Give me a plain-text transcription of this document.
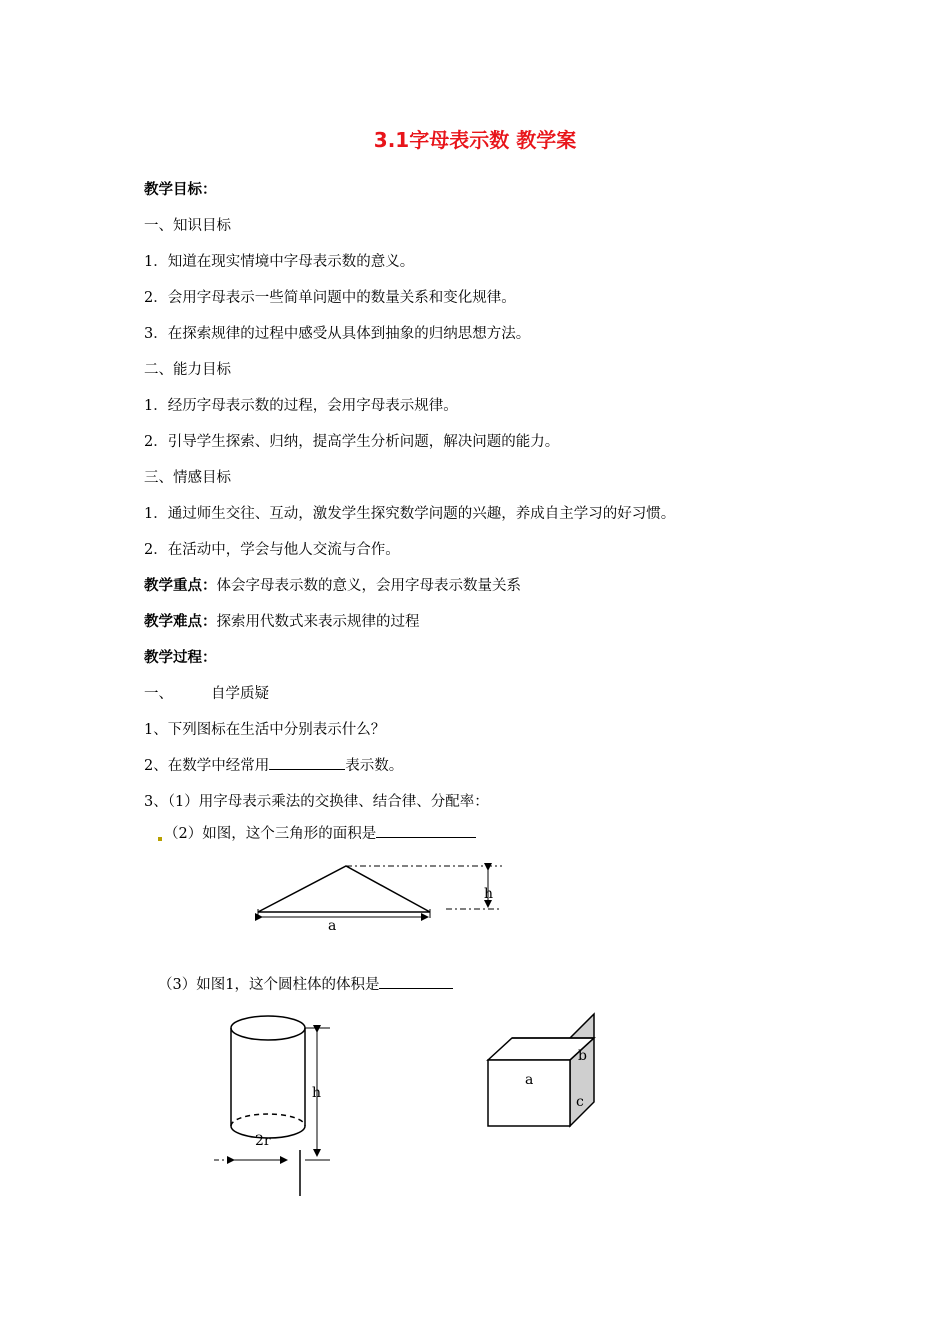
3.1字母表示数 教学案
教学目标：
一、知识目标
1．知道在现实情境中字母表示数的意义。
2．会用字母表示一些简单问题中的数量关系和变化规律。
3．在探索规律的过程中感受从具体到抽象的归纳思想方法。
二、能力目标
1．经历字母表示数的过程，会用字母表示规律。
2．引导学生探索、归纳，提高学生分析问题，解决问题的能力。
三、情感目标
1．通过师生交往、互动，激发学生探究数学问题的兴趣，养成自主学习的好习惯。
2．在活动中，学会与他人交流与合作。
教学重点：体会字母表示数的意义，会用字母表示数量关系
教学难点：探索用代数式来表示规律的过程
教学过程：
一、	自学质疑
1、下列图标在生活中分别表示什么？
2、在数学中经常用	表示数。
3、（1）用字母表示乘法的交换律、结合律、分配率：
（2）如图，这个三角形的面积是
（3）如图1，这个圆柱体的体积是
a
h
h
2r
a
b
c
